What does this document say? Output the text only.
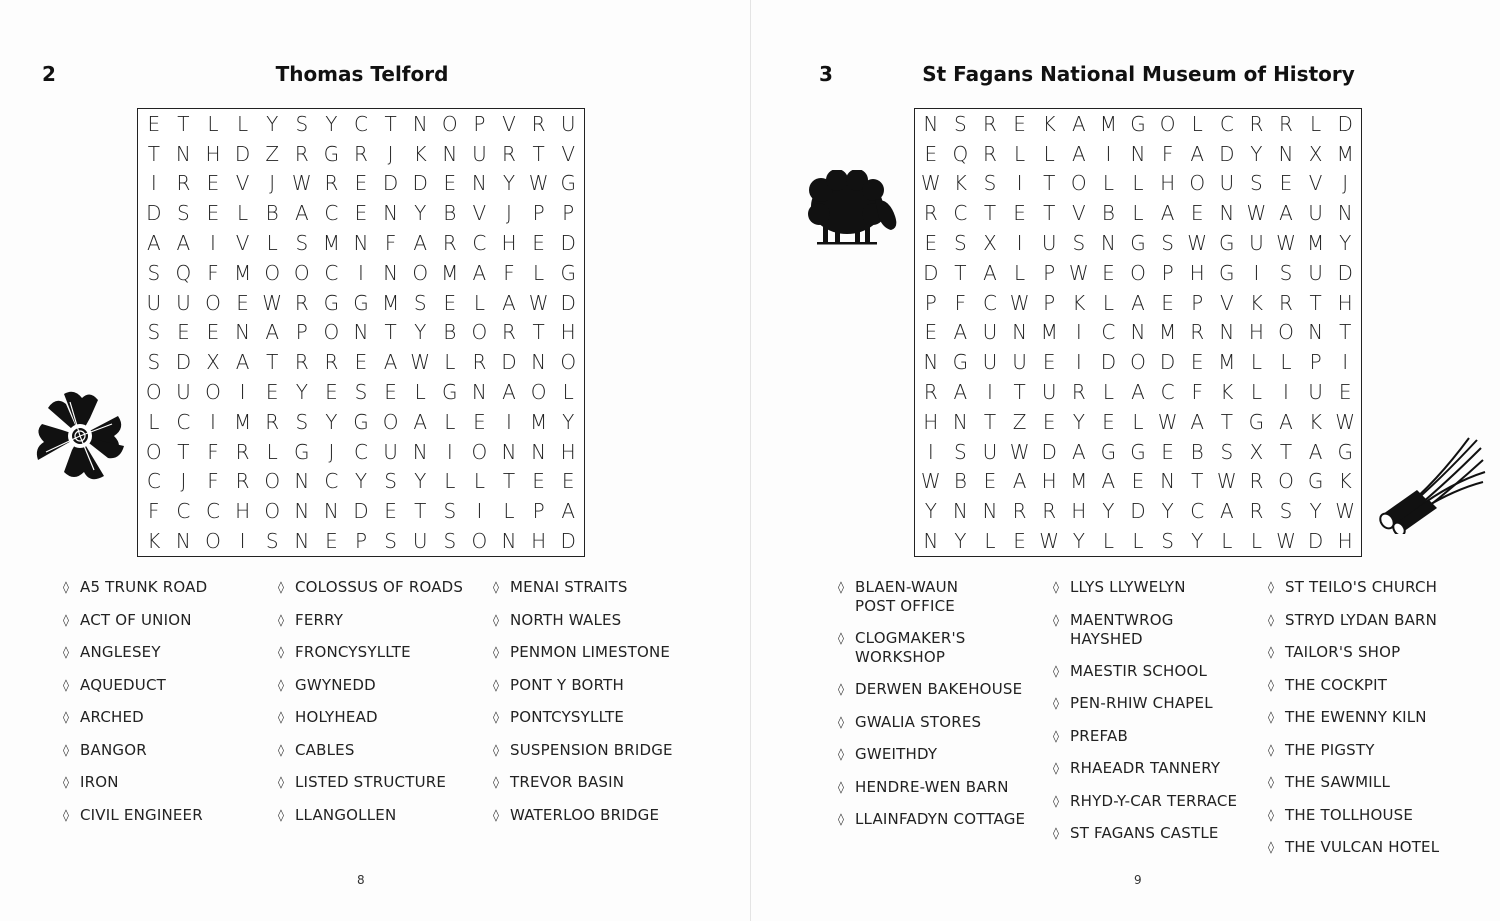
2	Thomas Telford
E T L L Y S Y C T N O P V R U
T N H D Z R G R J	K N U R T V
I R E V J W R E D D E N Y W G
D S E L B A C E N Y B V J	P P
A A I V L S M N F A R C H E D
S Q F M O O C I N O M A F L G
U U O E W R G G M S E L A W D
S E E N A P O N T Y B O R T H
S D X A T R R E A W L R D N O
O U O I	E Y E S E L G N A O L
L C I M R S Y G O A L E	I M Y
O T F R L G J C U N I O N N H
C J	F R O N C Y S Y L L T E E
F C C H O N N D E T S	I	L P A
K N O I	S N E P S U S O N H D
◊ A5 TRUNK ROAD
◊ ACT OF UNION
◊ ANGLESEY
◊ AQUEDUCT
◊ ARCHED
◊ BANGOR
◊ IRON
◊ CIVIL ENGINEER
◊ COLOSSUS OF ROADS
◊ FERRY
◊ FRONCYSYLLTE
◊ GWYNEDD
◊ HOLYHEAD
◊ CABLES
◊ LISTED STRUCTURE
◊ LLANGOLLEN
◊ MENAI STRAITS
◊ NORTH WALES
◊ PENMON LIMESTONE
◊ PONT Y BORTH
◊ PONTCYSYLLTE
◊ SUSPENSION BRIDGE
◊ TREVOR BASIN
◊ WATERLOO BRIDGE
8
3	St Fagans National Museum of History
N S R E K A M G O L C R R L D
E Q R L L A I N F A D Y N X M
W K S	I	T O L L H O U S E V J
R C T E T V B L A E N W A U N
E S X I U S N G S W G U W M Y
D T A L P W E O P H G I	S U D
P F C W P K L A E P V K R T H
E A U N M I C N M R N H O N T
N G U U E	I D O D E M L L P	I
R A I	T U R L A C F K L	I U E
H N T Z E Y E L W A T G A K W
I	S U W D A G G E B S X T A G
W B E A H M A E N T W R O G K
Y N N R R H Y D Y C A R S Y W
N Y L E W Y L L S Y L L W D H
◊ BLAEN-WAUN
POST OFFICE
◊ CLOGMAKER'S
WORKSHOP
◊ DERWEN BAKEHOUSE
◊ GWALIA STORES
◊ GWEITHDY
◊ HENDRE-WEN BARN
◊ LLAINFADYN COTTAGE
◊ LLYS LLYWELYN
◊ MAENTWROG
HAYSHED
◊ MAESTIR SCHOOL
◊ PEN-RHIW CHAPEL
◊ PREFAB
◊ RHAEADR TANNERY
◊ RHYD-Y-CAR TERRACE
◊ ST FAGANS CASTLE
◊ ST TEILO'S CHURCH
◊ STRYD LYDAN BARN
◊ TAILOR'S SHOP
◊ THE COCKPIT
◊ THE EWENNY KILN
◊ THE PIGSTY
◊ THE SAWMILL
◊ THE TOLLHOUSE
◊ THE VULCAN HOTEL
9
